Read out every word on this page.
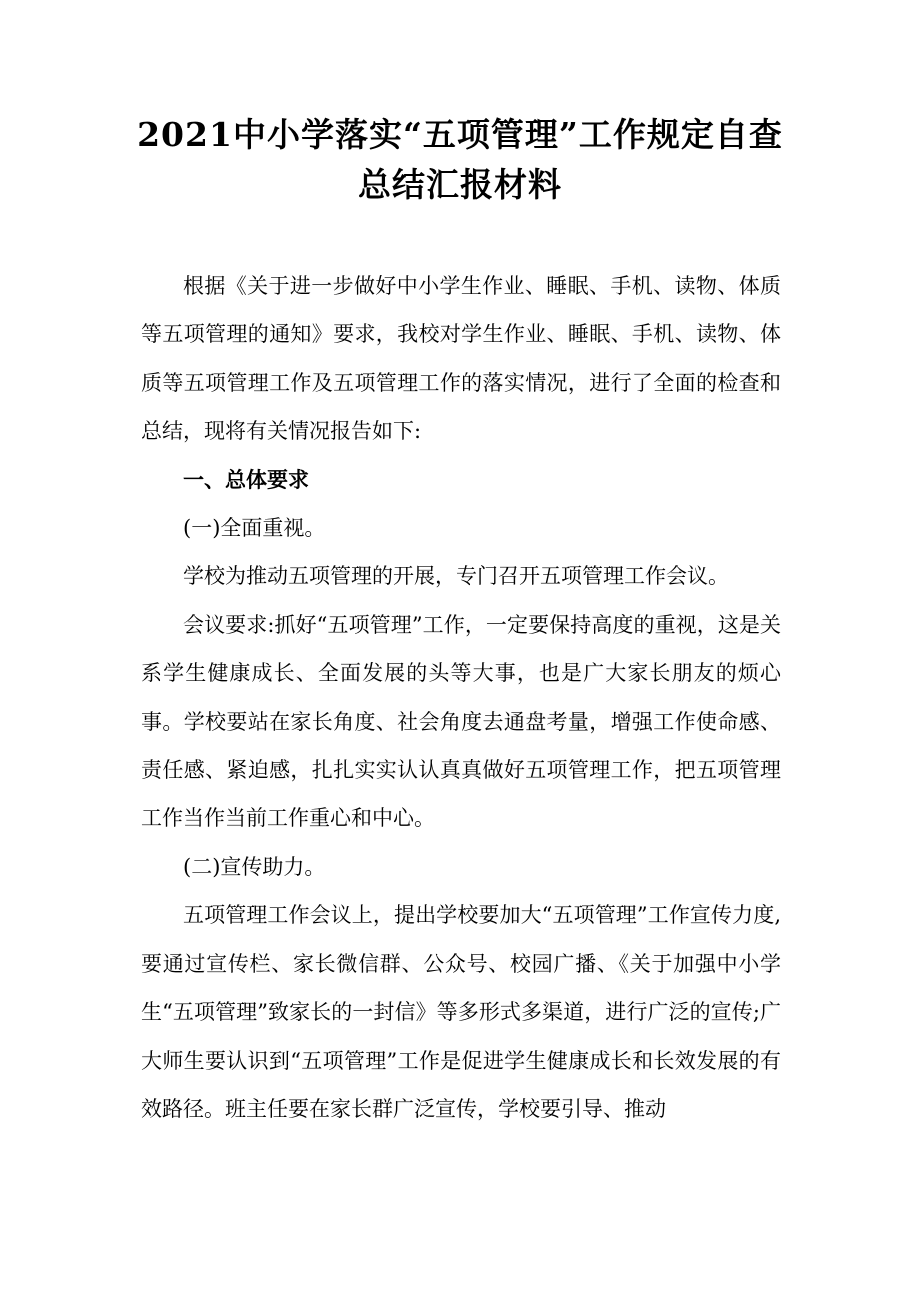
2021中小学落实“五项管理”工作规定自查
总结汇报材料

根据《关于进一步做好中小学生作业、睡眠、手机、读物、体质等五项管理的通知》要求，我校对学生作业、睡眠、手机、读物、体质等五项管理工作及五项管理工作的落实情况，进行了全面的检查和总结，现将有关情况报告如下:

一、总体要求

(一)全面重视。

学校为推动五项管理的开展，专门召开五项管理工作会议。

会议要求:抓好“五项管理”工作，一定要保持高度的重视，这是关系学生健康成长、全面发展的头等大事，也是广大家长朋友的烦心事。学校要站在家长角度、社会角度去通盘考量，增强工作使命感、责任感、紧迫感，扎扎实实认认真真做好五项管理工作，把五项管理工作当作当前工作重心和中心。

(二)宣传助力。

五项管理工作会议上，提出学校要加大“五项管理”工作宣传力度,要通过宣传栏、家长微信群、公众号、校园广播、《关于加强中小学生“五项管理”致家长的一封信》等多形式多渠道，进行广泛的宣传;广大师生要认识到“五项管理”工作是促进学生健康成长和长效发展的有效路径。班主任要在家长群广泛宣传，学校要引导、推动
